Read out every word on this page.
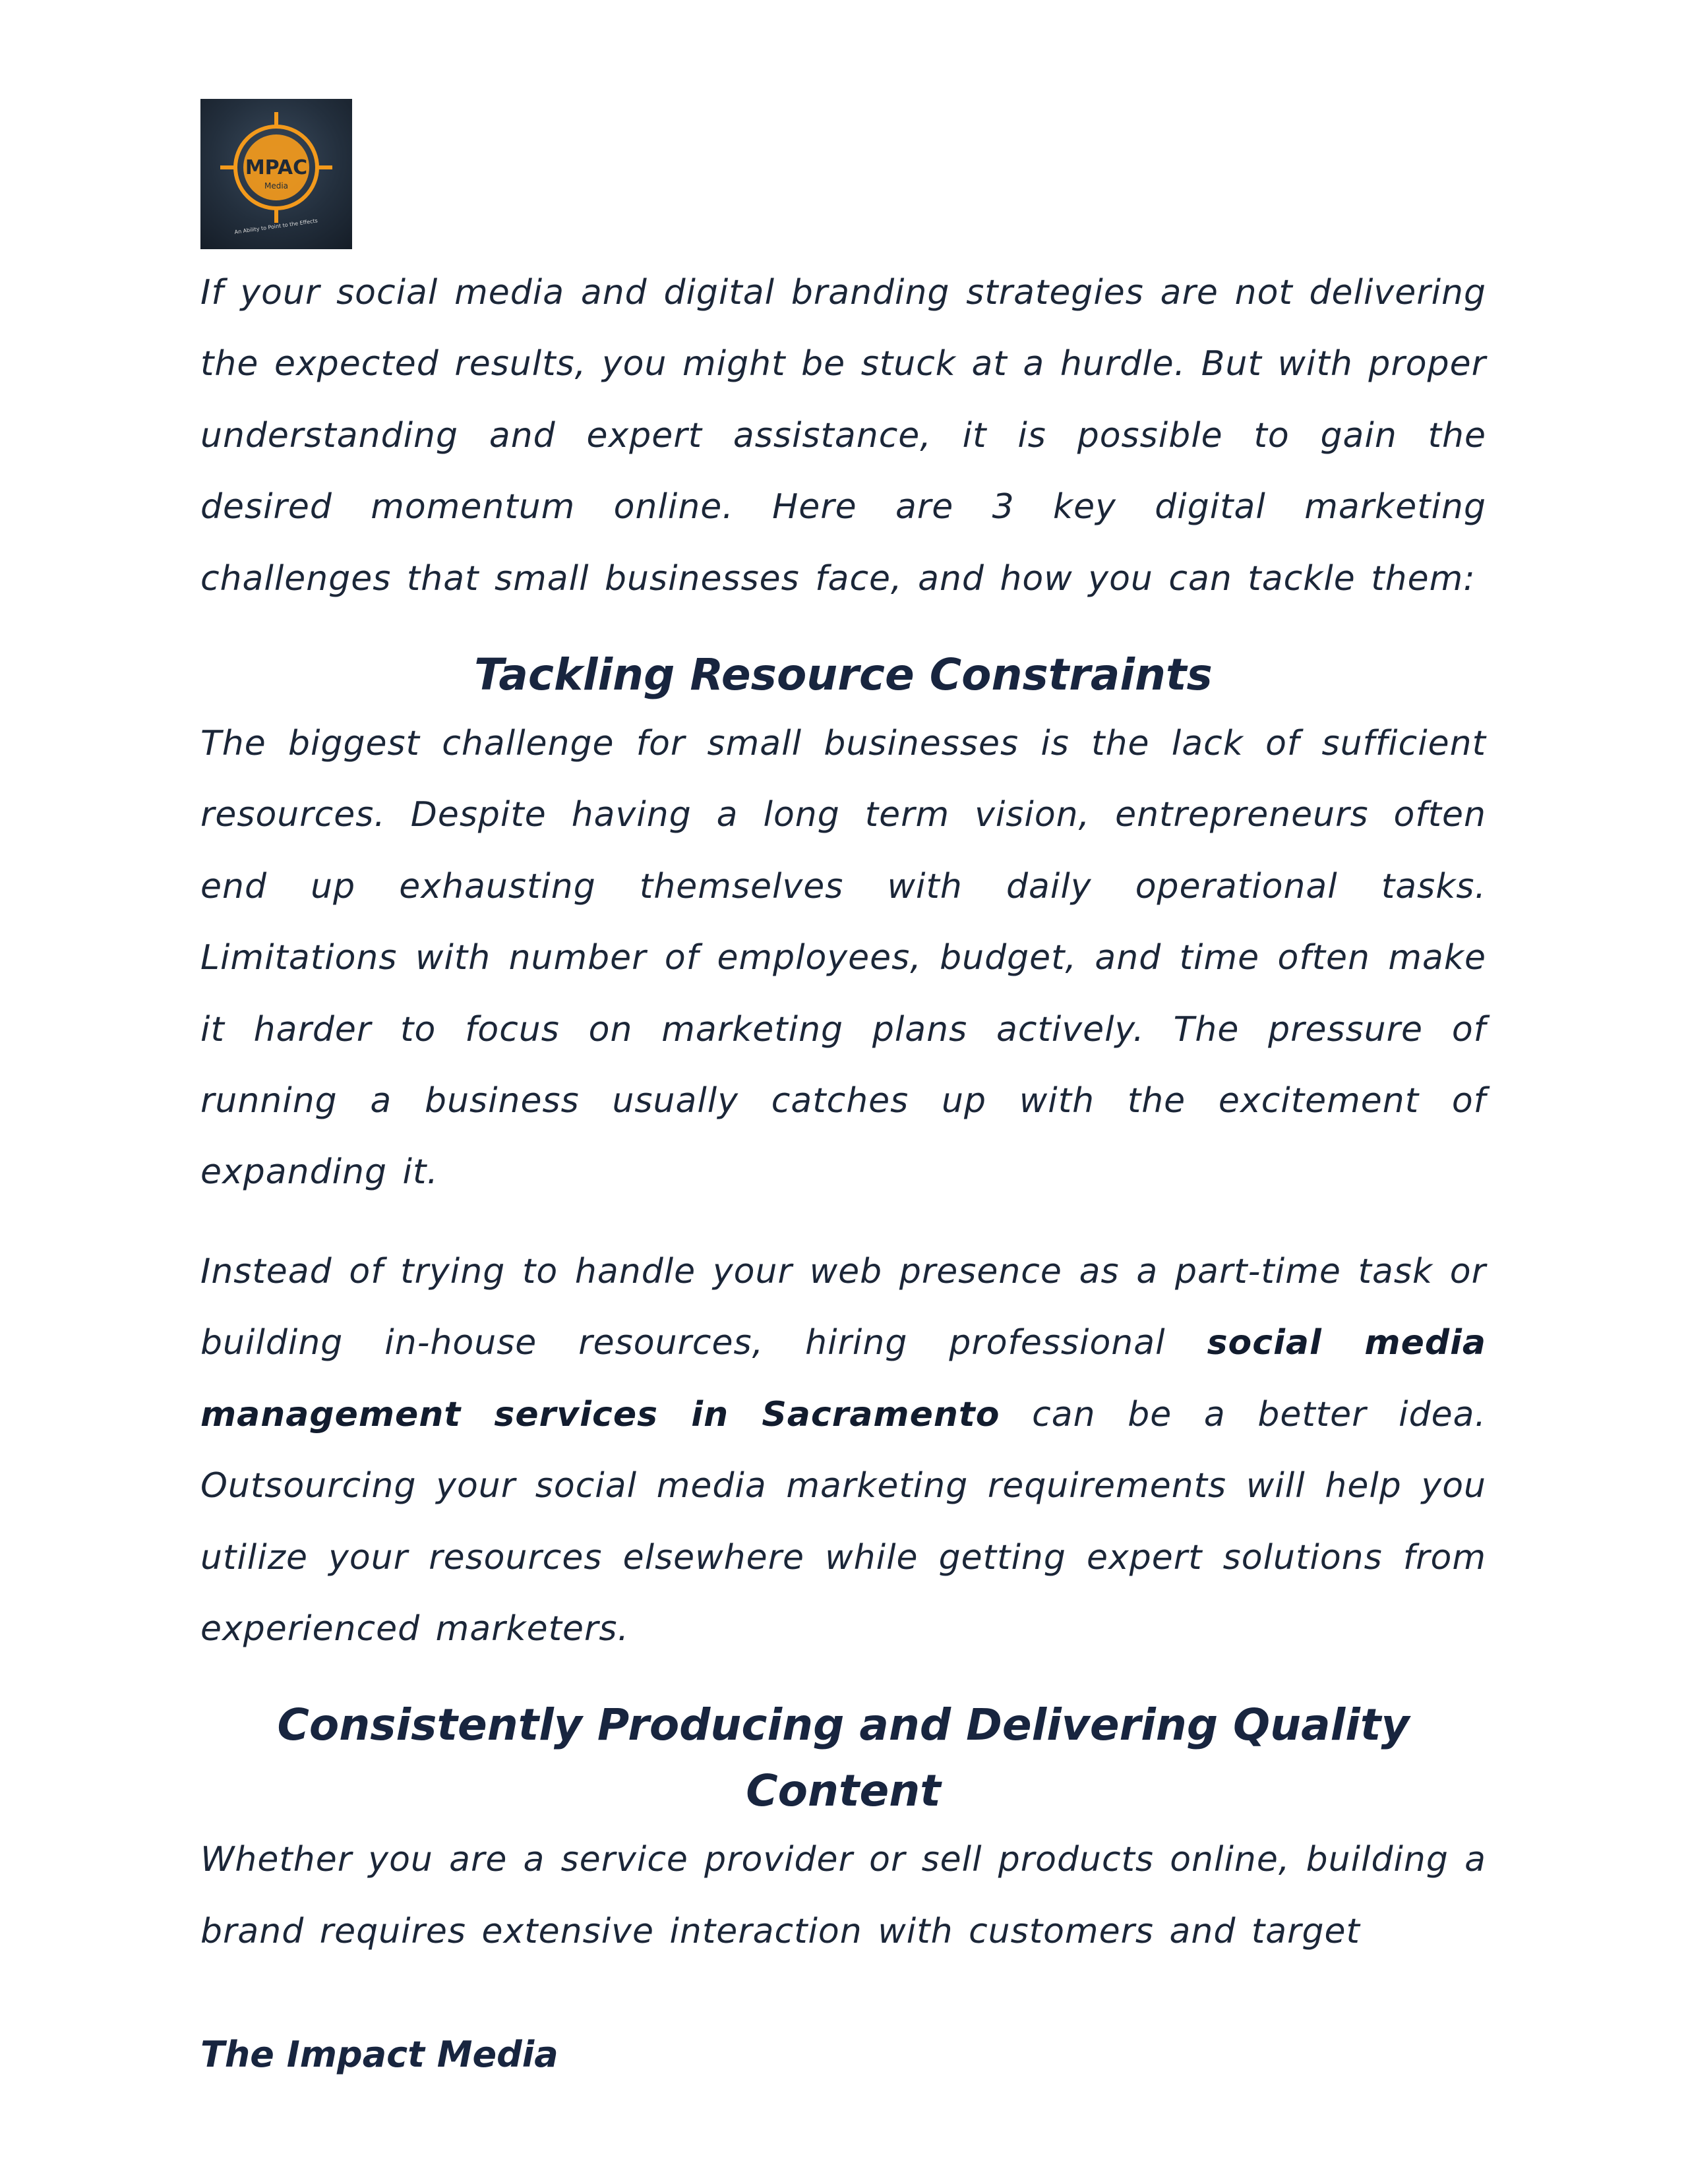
MPAC
Media
An Ability to Point to the Effects

If your social media and digital branding strategies are not delivering the expected results, you might be stuck at a hurdle. But with proper understanding and expert assistance, it is possible to gain the desired momentum online. Here are 3 key digital marketing challenges that small businesses face, and how you can tackle them:

Tackling Resource Constraints

The biggest challenge for small businesses is the lack of sufficient resources. Despite having a long term vision, entrepreneurs often end up exhausting themselves with daily operational tasks. Limitations with number of employees, budget, and time often make it harder to focus on marketing plans actively. The pressure of running a business usually catches up with the excitement of expanding it.

Instead of trying to handle your web presence as a part-time task or building in-house resources, hiring professional social media management services in Sacramento can be a better idea. Outsourcing your social media marketing requirements will help you utilize your resources elsewhere while getting expert solutions from experienced marketers.

Consistently Producing and Delivering Quality Content

Whether you are a service provider or sell products online, building a brand requires extensive interaction with customers and target

The Impact Media
